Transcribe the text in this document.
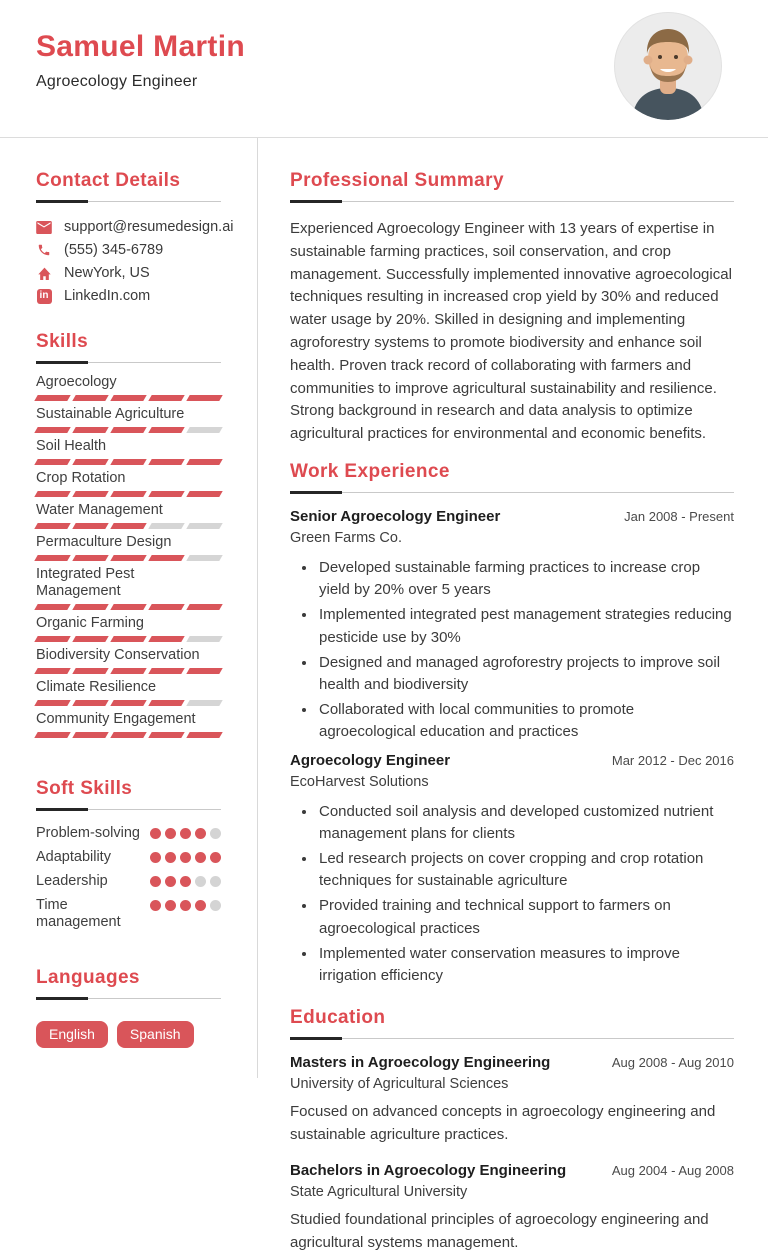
Samuel Martin
Agroecology Engineer
Contact Details
support@resumedesign.ai
(555) 345-6789
NewYork, US
in LinkedIn.com
Skills
Agroecology
Sustainable Agriculture
Soil Health
Crop Rotation
Water Management
Permaculture Design
Integrated Pest Management
Organic Farming
Biodiversity Conservation
Climate Resilience
Community Engagement
Soft Skills
Problem-solving
Adaptability
Leadership
Time management
Languages
English	Spanish
Professional Summary

Experienced Agroecology Engineer with 13 years of expertise in sustainable farming practices, soil conservation, and crop management. Successfully implemented innovative agroecological techniques resulting in increased crop yield by 30% and reduced water usage by 20%. Skilled in designing and implementing agroforestry systems to promote biodiversity and enhance soil health. Proven track record of collaborating with farmers and communities to improve agricultural sustainability and resilience. Strong background in research and data analysis to optimize agricultural practices for environmental and economic benefits.

Work Experience
Senior Agroecology Engineer	Jan 2008 - Present
Green Farms Co.
• Developed sustainable farming practices to increase crop yield by 20% over 5 years
• Implemented integrated pest management strategies reducing pesticide use by 30%
• Designed and managed agroforestry projects to improve soil health and biodiversity
• Collaborated with local communities to promote agroecological education and practices
Agroecology Engineer	Mar 2012 - Dec 2016
EcoHarvest Solutions
• Conducted soil analysis and developed customized nutrient management plans for clients
• Led research projects on cover cropping and crop rotation techniques for sustainable agriculture
• Provided training and technical support to farmers on agroecological practices
• Implemented water conservation measures to improve irrigation efficiency
Education
Masters in Agroecology Engineering	Aug 2008 - Aug 2010
University of Agricultural Sciences
Focused on advanced concepts in agroecology engineering and sustainable agriculture practices.
Bachelors in Agroecology Engineering	Aug 2004 - Aug 2008
State Agricultural University
Studied foundational principles of agroecology engineering and agricultural systems management.
